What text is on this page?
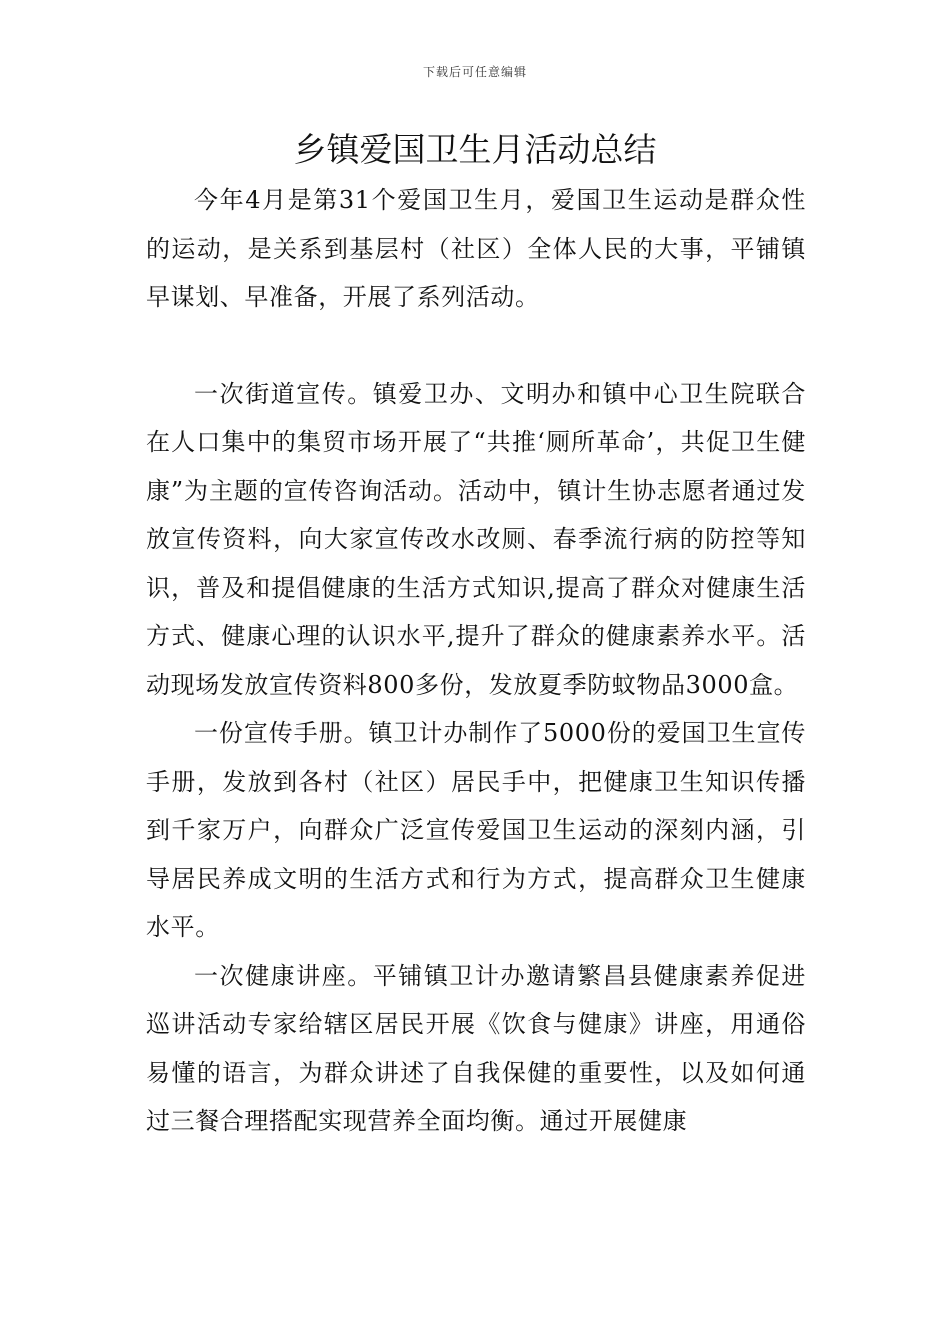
下载后可任意编辑
乡镇爱国卫生月活动总结

今年4月是第31个爱国卫生月，爱国卫生运动是群众性的运动，是关系到基层村（社区）全体人民的大事，平铺镇早谋划、早准备，开展了系列活动。

一次街道宣传。镇爱卫办、文明办和镇中心卫生院联合在人口集中的集贸市场开展了“共推‘厕所革命’，共促卫生健康”为主题的宣传咨询活动。活动中，镇计生协志愿者通过发放宣传资料，向大家宣传改水改厕、春季流行病的防控等知识，普及和提倡健康的生活方式知识,提高了群众对健康生活方式、健康心理的认识水平,提升了群众的健康素养水平。活动现场发放宣传资料800多份，发放夏季防蚊物品3000盒。

一份宣传手册。镇卫计办制作了5000份的爱国卫生宣传手册，发放到各村（社区）居民手中，把健康卫生知识传播到千家万户，向群众广泛宣传爱国卫生运动的深刻内涵，引导居民养成文明的生活方式和行为方式，提高群众卫生健康水平。

一次健康讲座。平铺镇卫计办邀请繁昌县健康素养促进巡讲活动专家给辖区居民开展《饮食与健康》讲座，用通俗易懂的语言，为群众讲述了自我保健的重要性，以及如何通过三餐合理搭配实现营养全面均衡。通过开展健康
